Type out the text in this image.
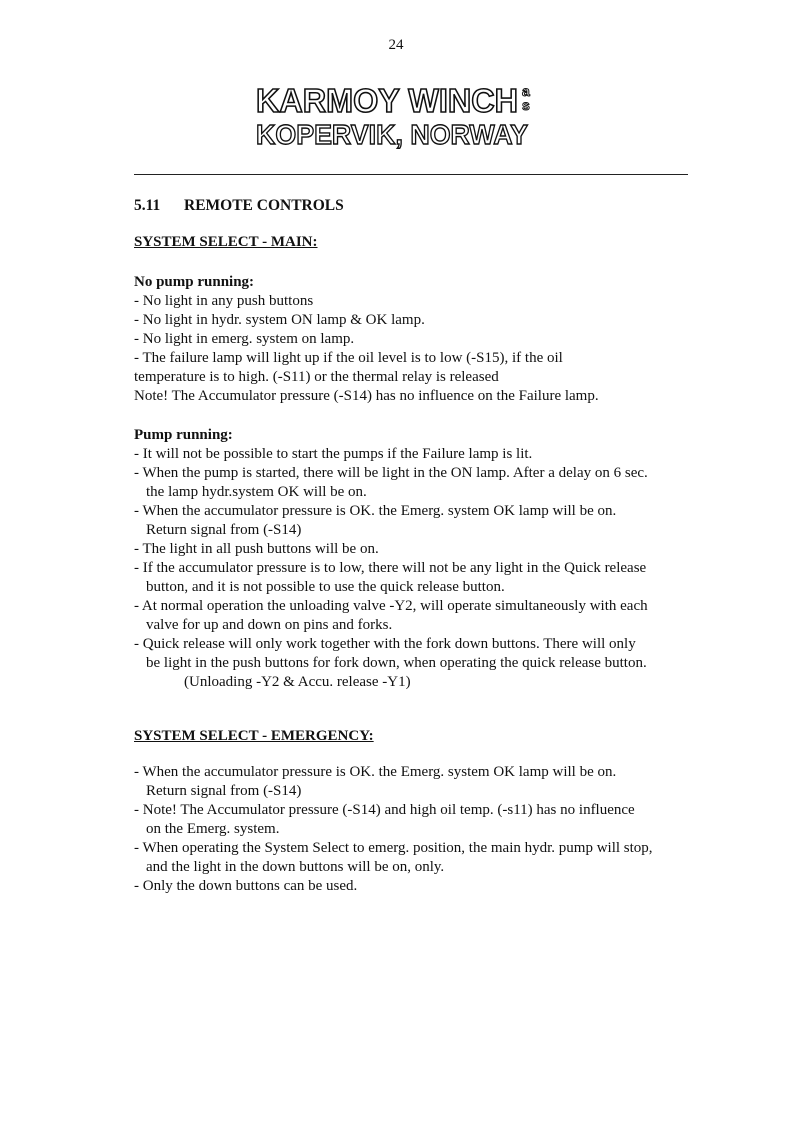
24
KARMOY WINCH a
s
KOPERVIK, NORWAY
5.11 REMOTE CONTROLS
SYSTEM SELECT - MAIN:
No pump running:
- No light in any push buttons
- No light in hydr. system ON lamp & OK lamp.
- No light in emerg. system on lamp.
- The failure lamp will light up if the oil level is to low (-S15), if the oil
temperature is to high. (-S11) or the thermal relay is released
Note! The Accumulator pressure (-S14) has no influence on the Failure lamp.
Pump running:
- It will not be possible to start the pumps if the Failure lamp is lit.
- When the pump is started, there will be light in the ON lamp. After a delay on 6 sec.
the lamp hydr.system OK will be on.
- When the accumulator pressure is OK. the Emerg. system OK lamp will be on.
Return signal from (-S14)
- The light in all push buttons will be on.
- If the accumulator pressure is to low, there will not be any light in the Quick release
button, and it is not possible to use the quick release button.
- At normal operation the unloading valve -Y2, will operate simultaneously with each
valve for up and down on pins and forks.
- Quick release will only work together with the fork down buttons. There will only
be light in the push buttons for fork down, when operating the quick release button.
(Unloading -Y2 & Accu. release -Y1)
SYSTEM SELECT - EMERGENCY:
- When the accumulator pressure is OK. the Emerg. system OK lamp will be on.
Return signal from (-S14)
- Note! The Accumulator pressure (-S14) and high oil temp. (-s11) has no influence
on the Emerg. system.
- When operating the System Select to emerg. position, the main hydr. pump will stop,
and the light in the down buttons will be on, only.
- Only the down buttons can be used.
